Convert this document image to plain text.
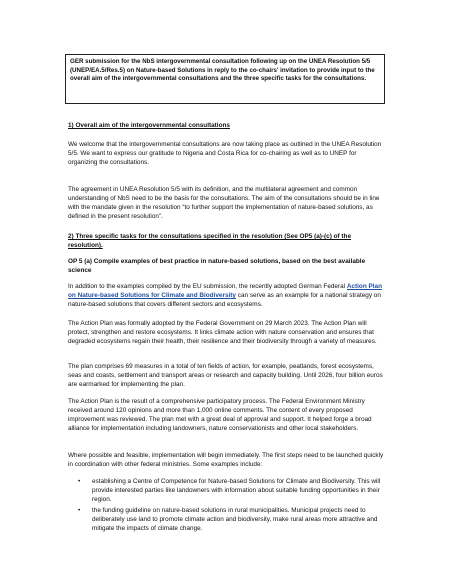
GER submission for the NbS intergovernmental consultation following up on the UNEA Resolution 5/5 (UNEP/EA.5/Res.5) on Nature-based Solutions in reply to the co-chairs' invitation to provide input to the overall aim of the intergovernmental consultations and the three specific tasks for the consultations.

1) Overall aim of the intergovernmental consultations

We welcome that the intergovernmental consultations are now taking place as outlined in the UNEA Resolution 5/5. We want to express our gratitude to Nigeria and Costa Rica for co-chairing as well as to UNEP for organizing the consultations.

The agreement in UNEA Resolution 5/5 with its definition, and the multilateral agreement and common understanding of NbS need to be the basis for the consultations. The aim of the consultations should be in line with the mandate given in the resolution “to further support the implementation of nature-based solutions, as defined in the present resolution”.

2) Three specific tasks for the consultations specified in the resolution (See OP5 (a)-(c) of the resolution).

OP 5 (a) Compile examples of best practice in nature-based solutions, based on the best available science

In addition to the examples compiled by the EU submission, the recently adopted German Federal Action Plan on Nature-based Solutions for Climate and Biodiversity can serve as an example for a national strategy on nature-based solutions that covers different sectors and ecosystems.

The Action Plan was formally adopted by the Federal Government on 29 March 2023. The Action Plan will protect, strengthen and restore ecosystems. It links climate action with nature conservation and ensures that degraded ecosystems regain their health, their resilience and their biodiversity through a variety of measures.

The plan comprises 69 measures in a total of ten fields of action, for example, peatlands, forest ecosystems, seas and coasts, settlement and transport areas or research and capacity building. Until 2026, four billion euros are earmarked for implementing the plan.

The Action Plan is the result of a comprehensive participatory process. The Federal Environment Ministry received around 120 opinions and more than 1,000 online comments. The content of every proposed improvement was reviewed. The plan met with a great deal of approval and support. It helped forge a broad alliance for implementation including landowners, nature conservationists and other local stakeholders.

Where possible and feasible, implementation will begin immediately. The first steps need to be launched quickly in coordination with other federal ministries. Some examples include:

• establishing a Centre of Competence for Nature-based Solutions for Climate and Biodiversity. This will provide interested parties like landowners with information about suitable funding opportunities in their region.
• the funding guideline on nature-based solutions in rural municipalities. Municipal projects need to deliberately use land to promote climate action and biodiversity, make rural areas more attractive and mitigate the impacts of climate change.
